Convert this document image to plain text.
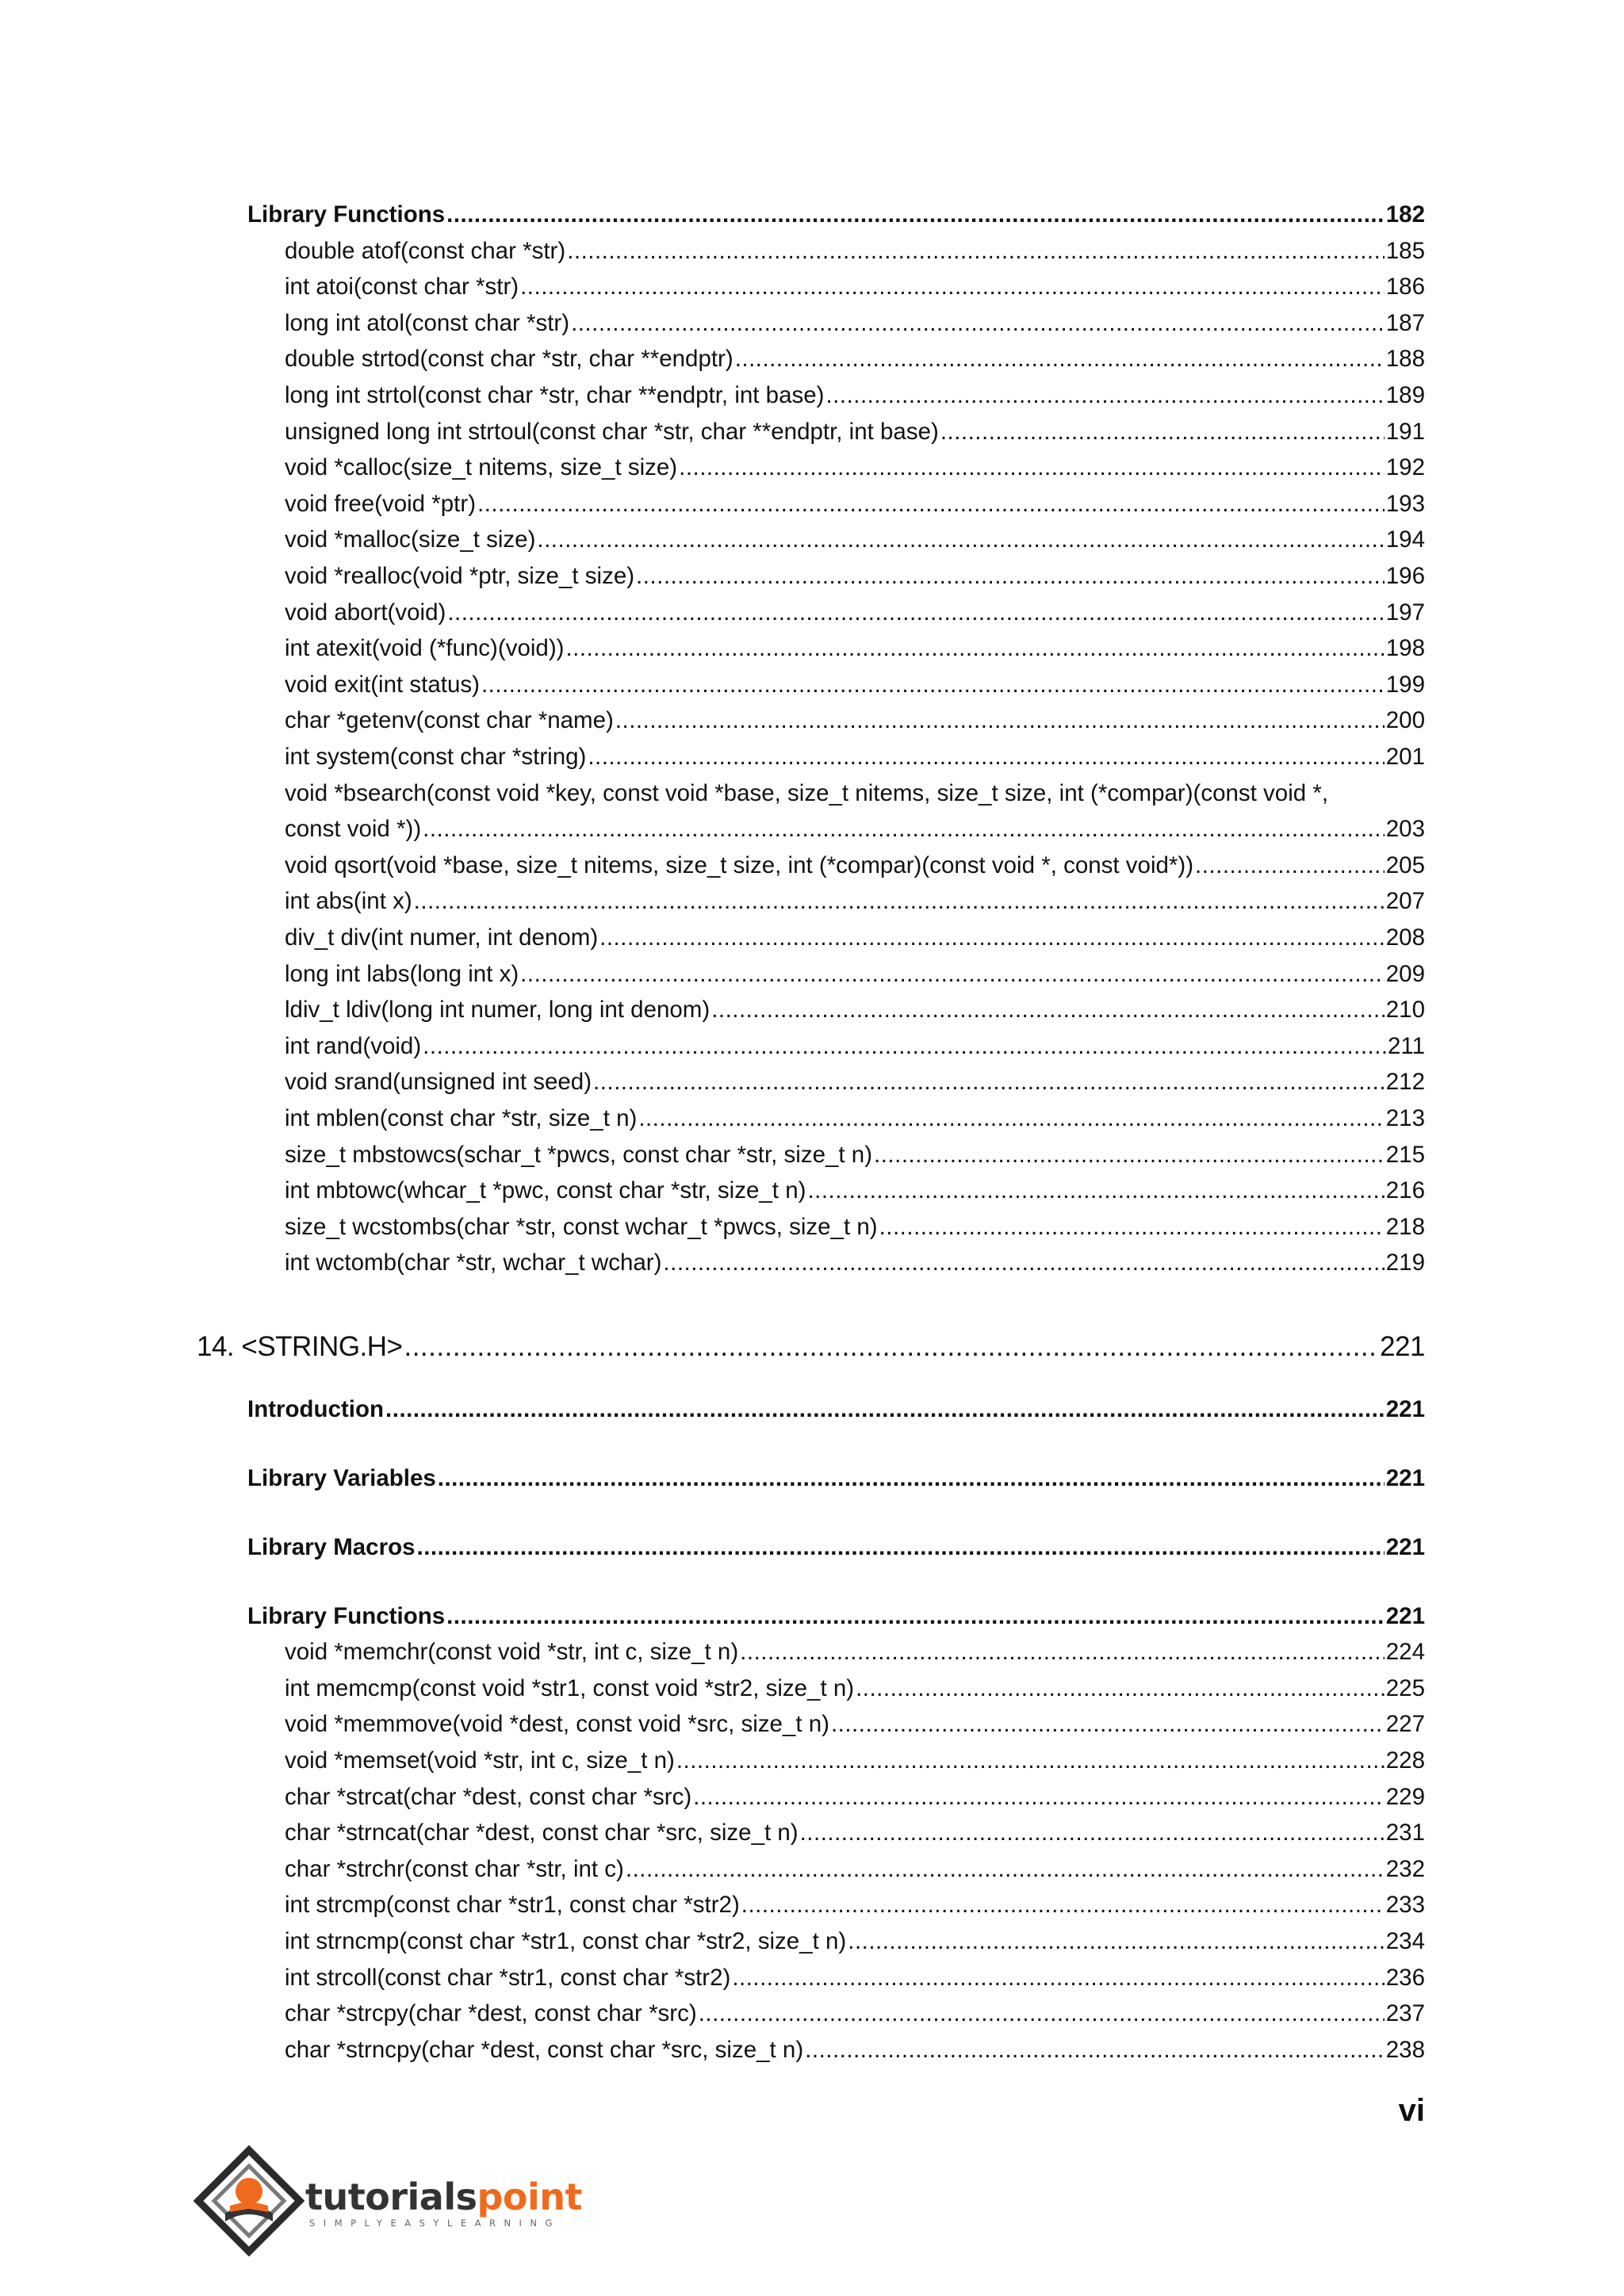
Library Functions .....	182
double atof(const char *str) .....	185
int atoi(const char *str) .....	186
long int atol(const char *str) .....	187
double strtod(const char *str, char **endptr) .....	188
long int strtol(const char *str, char **endptr, int base) .....	189
unsigned long int strtoul(const char *str, char **endptr, int base) .....	191
void *calloc(size_t nitems, size_t size) .....	192
void free(void *ptr) .....	193
void *malloc(size_t size) .....	194
void *realloc(void *ptr, size_t size) .....	196
void abort(void) .....	197
int atexit(void (*func)(void)) .....	198
void exit(int status) .....	199
char *getenv(const char *name) .....	200
int system(const char *string) .....	201
void *bsearch(const void *key, const void *base, size_t nitems, size_t size, int (*compar)(const void *,
const void *)) .....	203
void qsort(void *base, size_t nitems, size_t size, int (*compar)(const void *, const void*)) .....	205
int abs(int x) .....	207
div_t div(int numer, int denom) .....	208
long int labs(long int x) .....	209
ldiv_t ldiv(long int numer, long int denom) .....	210
int rand(void) .....	211
void srand(unsigned int seed) .....	212
int mblen(const char *str, size_t n) .....	213
size_t mbstowcs(schar_t *pwcs, const char *str, size_t n) .....	215
int mbtowc(whcar_t *pwc, const char *str, size_t n) .....	216
size_t wcstombs(char *str, const wchar_t *pwcs, size_t n) .....	218
int wctomb(char *str, wchar_t wchar) .....	219
14. <STRING.H> .....	221
Introduction .....	221
Library Variables .....	221
Library Macros .....	221
Library Functions .....	221
void *memchr(const void *str, int c, size_t n) .....	224
int memcmp(const void *str1, const void *str2, size_t n) .....	225
void *memmove(void *dest, const void *src, size_t n) .....	227
void *memset(void *str, int c, size_t n) .....	228
char *strcat(char *dest, const char *src) .....	229
char *strncat(char *dest, const char *src, size_t n) .....	231
char *strchr(const char *str, int c) .....	232
int strcmp(const char *str1, const char *str2) .....	233
int strncmp(const char *str1, const char *str2, size_t n) .....	234
int strcoll(const char *str1, const char *str2) .....	236
char *strcpy(char *dest, const char *src) .....	237
char *strncpy(char *dest, const char *src, size_t n) .....	238
vi
tutorialspoint
SIMPLYEASYLEARNING
